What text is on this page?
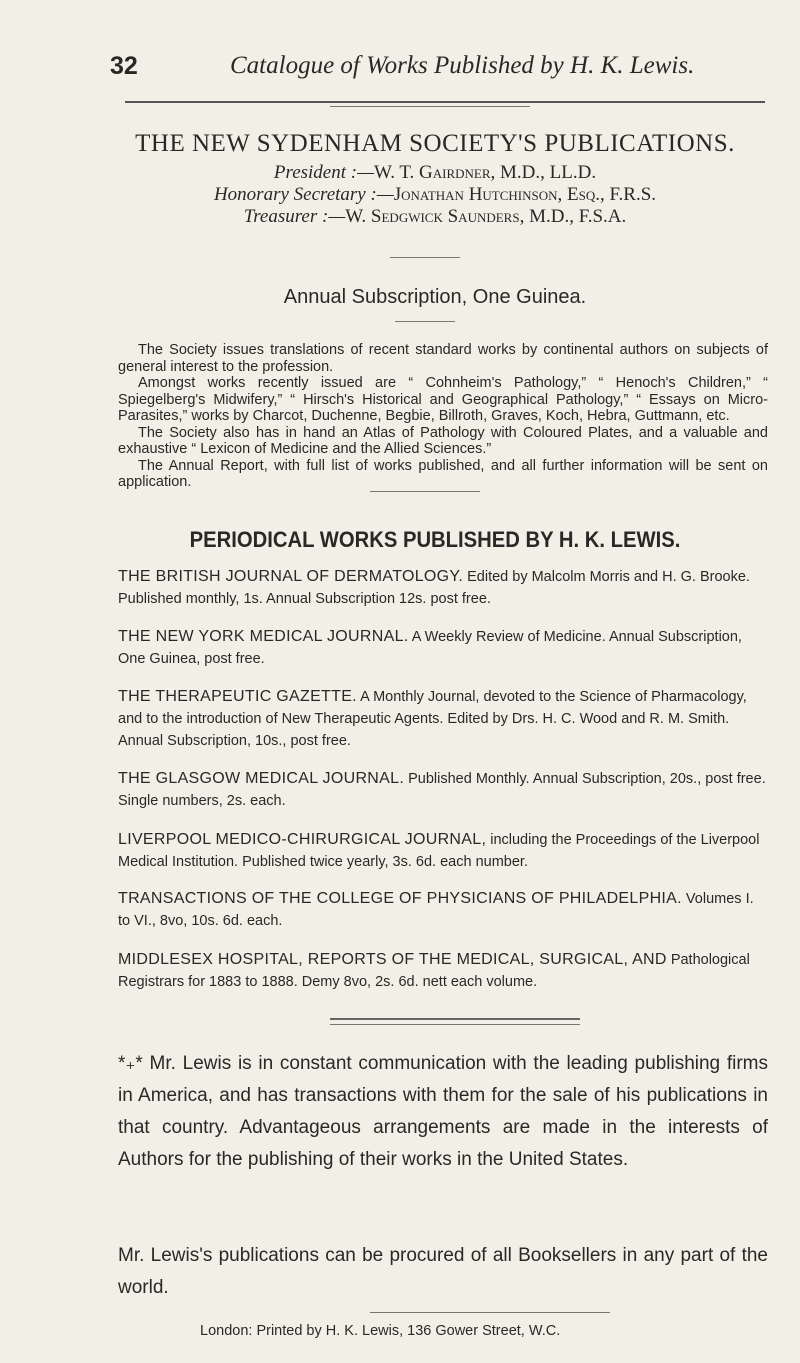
32	Catalogue of Works Published by H. K. Lewis.
THE NEW SYDENHAM SOCIETY'S PUBLICATIONS.
President :—W. T. Gairdner, M.D., LL.D.
Honorary Secretary :—Jonathan Hutchinson, Esq., F.R.S.
Treasurer :—W. Sedgwick Saunders, M.D., F.S.A.
Annual Subscription, One Guinea.

The Society issues translations of recent standard works by continental authors on subjects of general interest to the profession.

Amongst works recently issued are “ Cohnheim's Pathology,” “ Henoch's Children,” “ Spiegelberg's Midwifery,” “ Hirsch's Historical and Geographical Pathology,” “ Essays on Micro-Parasites,” works by Charcot, Duchenne, Begbie, Billroth, Graves, Koch, Hebra, Guttmann, etc.

The Society also has in hand an Atlas of Pathology with Coloured Plates, and a valuable and exhaustive “ Lexicon of Medicine and the Allied Sciences.”

The Annual Report, with full list of works published, and all further information will be sent on application.

PERIODICAL WORKS PUBLISHED BY H. K. LEWIS.
THE BRITISH JOURNAL OF DERMATOLOGY. Edited by Malcolm Morris and H. G. Brooke. Published monthly, 1s. Annual Subscription 12s. post free.
THE NEW YORK MEDICAL JOURNAL. A Weekly Review of Medicine. Annual Subscription, One Guinea, post free.
THE THERAPEUTIC GAZETTE. A Monthly Journal, devoted to the Science of Pharmacology, and to the introduction of New Therapeutic Agents. Edited by Drs. H. C. Wood and R. M. Smith. Annual Subscription, 10s., post free.
THE GLASGOW MEDICAL JOURNAL. Published Monthly. Annual Subscription, 20s., post free. Single numbers, 2s. each.
LIVERPOOL MEDICO-CHIRURGICAL JOURNAL, including the Proceedings of the Liverpool Medical Institution. Published twice yearly, 3s. 6d. each number.
TRANSACTIONS OF THE COLLEGE OF PHYSICIANS OF PHILADELPHIA. Volumes I. to VI., 8vo, 10s. 6d. each.
MIDDLESEX HOSPITAL, REPORTS OF THE MEDICAL, SURGICAL, AND Pathological Registrars for 1883 to 1888. Demy 8vo, 2s. 6d. nett each volume.
*₊* Mr. Lewis is in constant communication with the leading publishing firms in America, and has transactions with them for the sale of his publications in that country. Advantageous arrangements are made in the interests of Authors for the publishing of their works in the United States.
Mr. Lewis's publications can be procured of all Booksellers in any part of the world.
London: Printed by H. K. Lewis, 136 Gower Street, W.C.
